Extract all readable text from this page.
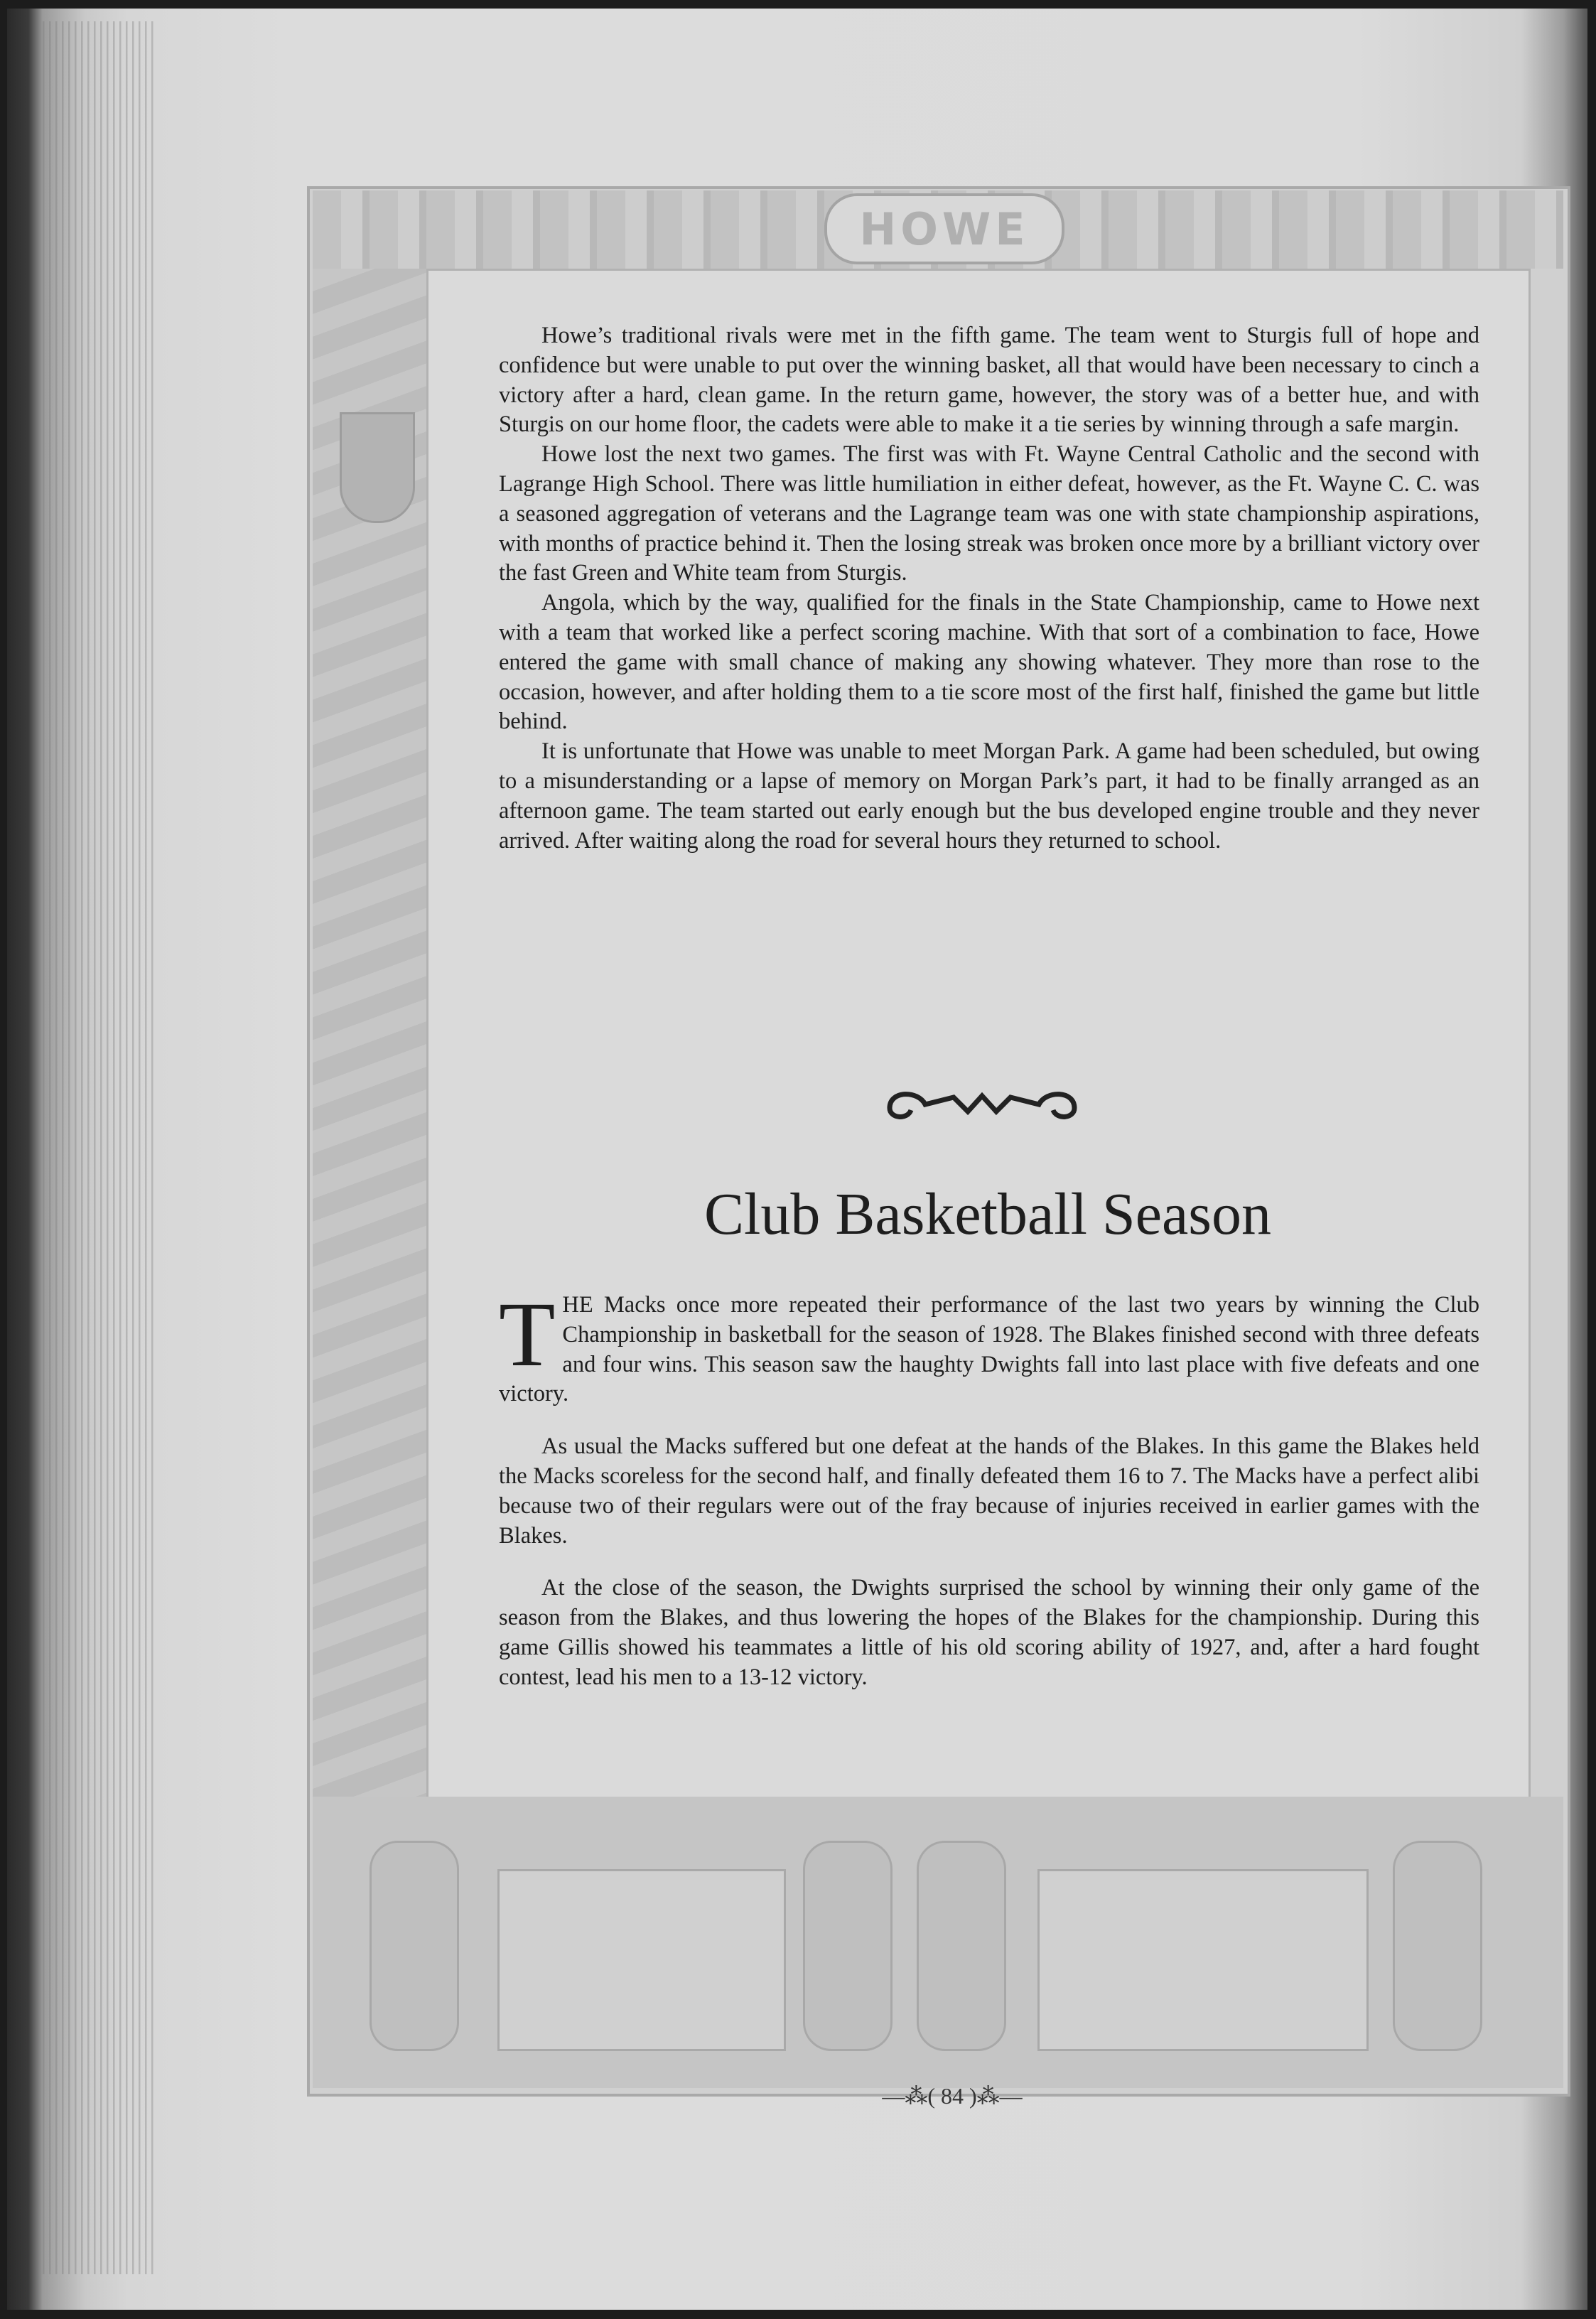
HOWE

Howe’s traditional rivals were met in the fifth game. The team went to Sturgis full of hope and confidence but were unable to put over the winning basket, all that would have been necessary to cinch a victory after a hard, clean game. In the return game, however, the story was of a better hue, and with Sturgis on our home floor, the cadets were able to make it a tie series by winning through a safe margin.

Howe lost the next two games. The first was with Ft. Wayne Central Catholic and the second with Lagrange High School. There was little humiliation in either defeat, however, as the Ft. Wayne C. C. was a seasoned aggregation of veterans and the Lagrange team was one with state championship aspirations, with months of practice behind it. Then the losing streak was broken once more by a brilliant victory over the fast Green and White team from Sturgis.

Angola, which by the way, qualified for the finals in the State Championship, came to Howe next with a team that worked like a perfect scoring machine. With that sort of a combination to face, Howe entered the game with small chance of making any showing whatever. They more than rose to the occasion, however, and after holding them to a tie score most of the first half, finished the game but little behind.

It is unfortunate that Howe was unable to meet Morgan Park. A game had been scheduled, but owing to a misunderstanding or a lapse of memory on Morgan Park’s part, it had to be finally arranged as an afternoon game. The team started out early enough but the bus developed engine trouble and they never arrived. After waiting along the road for several hours they returned to school.

Club Basketball Season

THE Macks once more repeated their performance of the last two years by winning the Club Championship in basketball for the season of 1928. The Blakes finished second with three defeats and four wins. This season saw the haughty Dwights fall into last place with five defeats and one victory.

As usual the Macks suffered but one defeat at the hands of the Blakes. In this game the Blakes held the Macks scoreless for the second half, and finally defeated them 16 to 7. The Macks have a perfect alibi because two of their regulars were out of the fray because of injuries received in earlier games with the Blakes.

At the close of the season, the Dwights surprised the school by winning their only game of the season from the Blakes, and thus lowering the hopes of the Blakes for the championship. During this game Gillis showed his teammates a little of his old scoring ability of 1927, and, after a hard fought contest, lead his men to a 13-12 victory.

—⁂( 84 )⁂—
